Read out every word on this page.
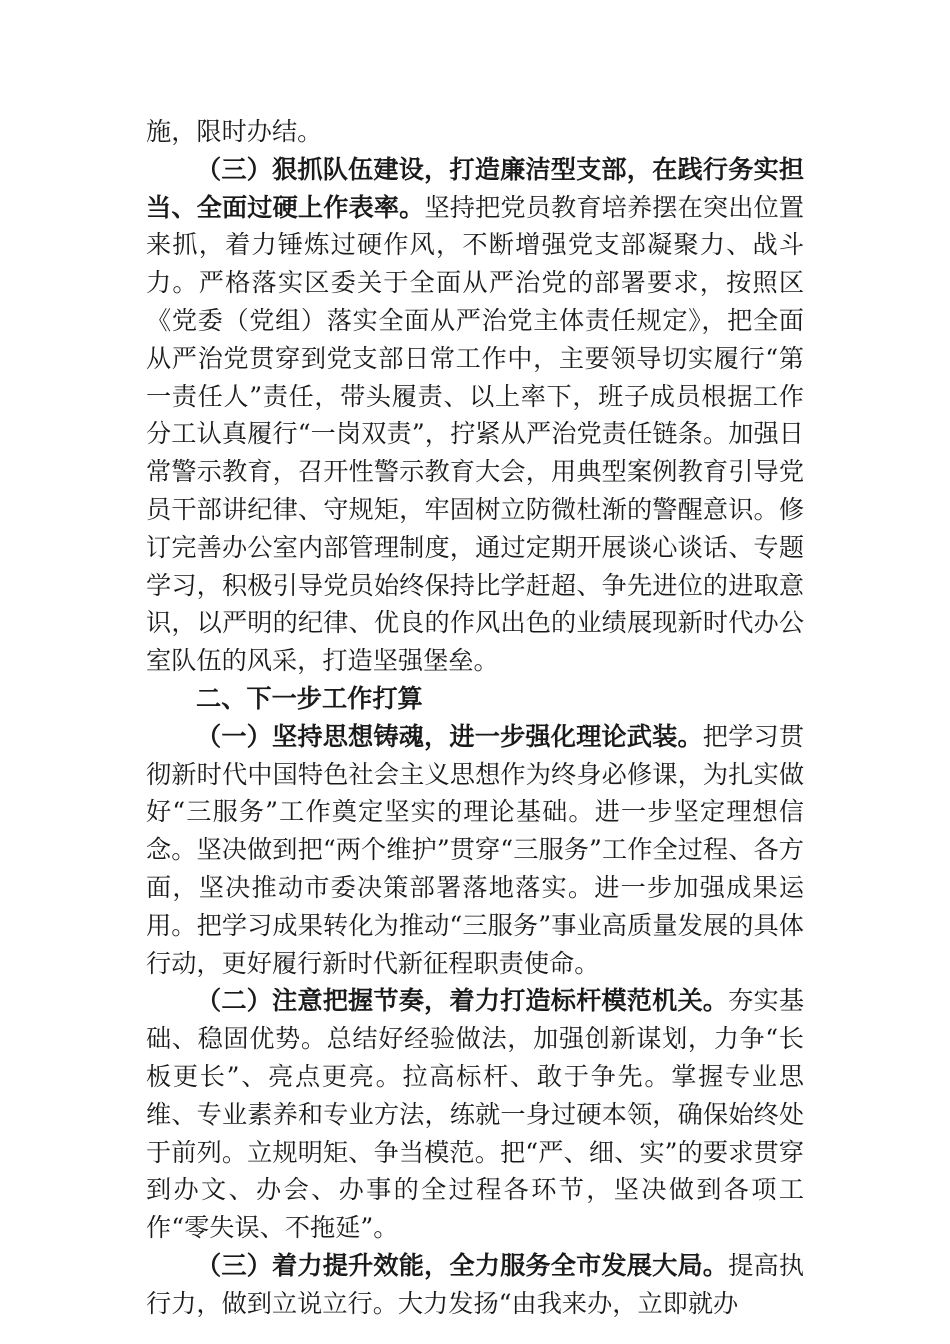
施，限时办结。

（三）狠抓队伍建设，打造廉洁型支部，在践行务实担当、全面过硬上作表率。坚持把党员教育培养摆在突出位置来抓，着力锤炼过硬作风，不断增强党支部凝聚力、战斗力。严格落实区委关于全面从严治党的部署要求，按照区《党委（党组）落实全面从严治党主体责任规定》，把全面从严治党贯穿到党支部日常工作中，主要领导切实履行“第一责任人”责任，带头履责、以上率下，班子成员根据工作分工认真履行“一岗双责”，拧紧从严治党责任链条。加强日常警示教育，召开性警示教育大会，用典型案例教育引导党员干部讲纪律、守规矩，牢固树立防微杜渐的警醒意识。修订完善办公室内部管理制度，通过定期开展谈心谈话、专题学习，积极引导党员始终保持比学赶超、争先进位的进取意识，以严明的纪律、优良的作风出色的业绩展现新时代办公室队伍的风采，打造坚强堡垒。

二、下一步工作打算

（一）坚持思想铸魂，进一步强化理论武装。把学习贯彻新时代中国特色社会主义思想作为终身必修课，为扎实做好“三服务”工作奠定坚实的理论基础。进一步坚定理想信念。坚决做到把“两个维护”贯穿“三服务”工作全过程、各方面，坚决推动市委决策部署落地落实。进一步加强成果运用。把学习成果转化为推动“三服务”事业高质量发展的具体行动，更好履行新时代新征程职责使命。

（二）注意把握节奏，着力打造标杆模范机关。夯实基础、稳固优势。总结好经验做法，加强创新谋划，力争“长板更长”、亮点更亮。拉高标杆、敢于争先。掌握专业思维、专业素养和专业方法，练就一身过硬本领，确保始终处于前列。立规明矩、争当模范。把“严、细、实”的要求贯穿到办文、办会、办事的全过程各环节，坚决做到各项工作“零失误、不拖延”。

（三）着力提升效能，全力服务全市发展大局。提高执行力，做到立说立行。大力发扬“由我来办，立即就办
